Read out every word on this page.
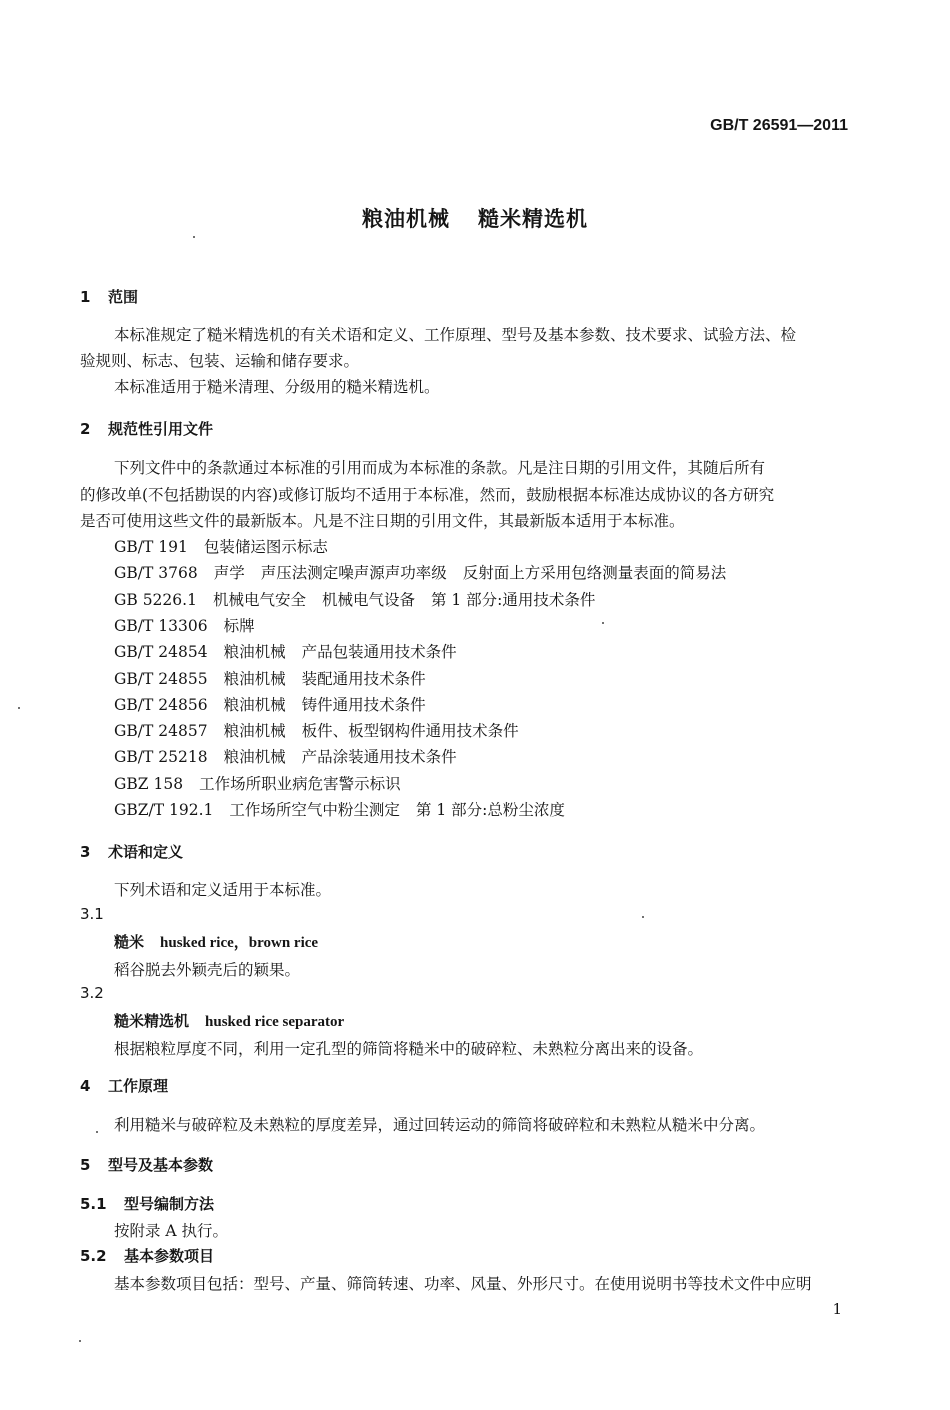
GB/T 26591—2011
粮油机械 糙米精选机
1 范围
本标准规定了糙米精选机的有关术语和定义、工作原理、型号及基本参数、技术要求、试验方法、检
验规则、标志、包装、运输和储存要求。
本标准适用于糙米清理、分级用的糙米精选机。
2 规范性引用文件
下列文件中的条款通过本标准的引用而成为本标准的条款。凡是注日期的引用文件，其随后所有
的修改单(不包括勘误的内容)或修订版均不适用于本标准，然而，鼓励根据本标准达成协议的各方研究
是否可使用这些文件的最新版本。凡是不注日期的引用文件，其最新版本适用于本标准。
GB/T 191 包装储运图示标志
GB/T 3768 声学 声压法测定噪声源声功率级 反射面上方采用包络测量表面的简易法
GB 5226.1 机械电气安全 机械电气设备 第 1 部分:通用技术条件
GB/T 13306 标牌
GB/T 24854 粮油机械 产品包装通用技术条件
GB/T 24855 粮油机械 装配通用技术条件
GB/T 24856 粮油机械 铸件通用技术条件
GB/T 24857 粮油机械 板件、板型钢构件通用技术条件
GB/T 25218 粮油机械 产品涂装通用技术条件
GBZ 158 工作场所职业病危害警示标识
GBZ/T 192.1 工作场所空气中粉尘测定 第 1 部分:总粉尘浓度
3 术语和定义
下列术语和定义适用于本标准。
3.1
糙米 husked rice，brown rice
稻谷脱去外颖壳后的颖果。
3.2
糙米精选机 husked rice separator
根据粮粒厚度不同，利用一定孔型的筛筒将糙米中的破碎粒、未熟粒分离出来的设备。
4 工作原理
利用糙米与破碎粒及未熟粒的厚度差异，通过回转运动的筛筒将破碎粒和未熟粒从糙米中分离。
5 型号及基本参数
5.1 型号编制方法
按附录 A 执行。
5.2 基本参数项目
基本参数项目包括：型号、产量、筛筒转速、功率、风量、外形尺寸。在使用说明书等技术文件中应明
1
